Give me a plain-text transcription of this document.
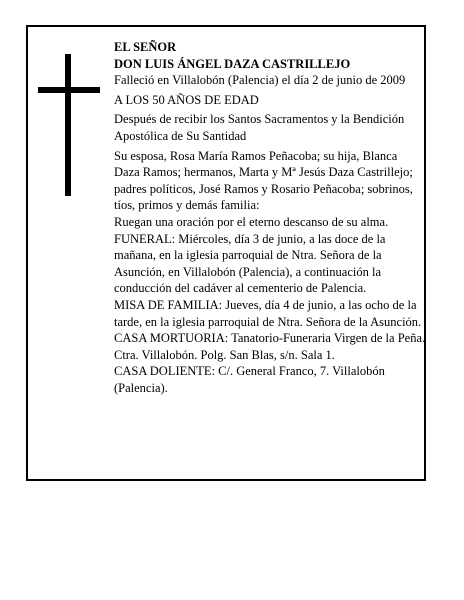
EL SEÑOR

DON LUIS ÁNGEL DAZA CASTRILLEJO

Falleció en Villalobón (Palencia) el día 2 de junio de 2009

A LOS 50 AÑOS DE EDAD

Después de recibir los Santos Sacramentos y la Bendición Apostólica de Su Santidad

Su esposa, Rosa María Ramos Peñacoba; su hija, Blanca Daza Ramos; hermanos, Marta y Mª Jesús Daza Castrillejo; padres políticos, José Ramos y Rosario Peñacoba; sobrinos, tíos, primos y demás familia:

Ruegan una oración por el eterno descanso de su alma.

FUNERAL: Miércoles, día 3 de junio, a las doce de la mañana, en la iglesia parroquial de Ntra. Señora de la Asunción, en Villalobón (Palencia), a continuación la conducción del cadáver al cementerio de Palencia.

MISA DE FAMILIA: Jueves, día 4 de junio, a las ocho de la tarde, en la iglesia parroquial de Ntra. Señora de la Asunción.

CASA MORTUORIA: Tanatorio-Funeraria Virgen de la Peña. Ctra. Villalobón. Polg. San Blas, s/n. Sala 1.

CASA DOLIENTE: C/. General Franco, 7. Villalobón (Palencia).
